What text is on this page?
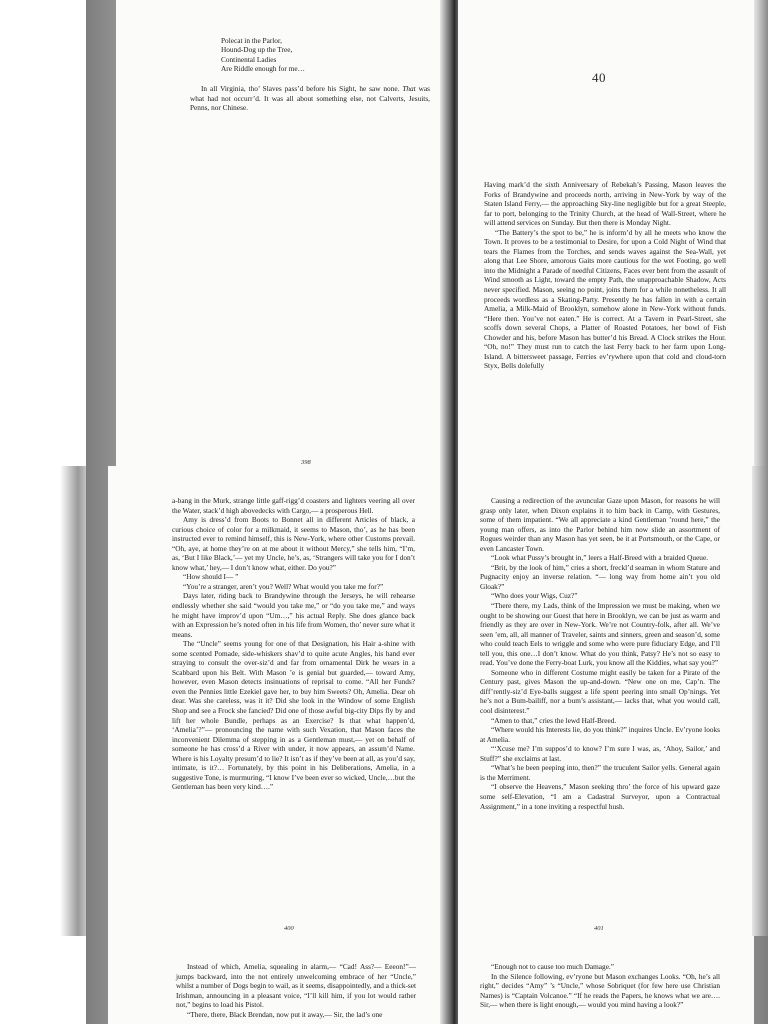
Polecat in the Parlor,
Hound-Dog up the Tree,
Continental Ladies
Are Riddle enough for me…

In all Virginia, tho’ Slaves pass’d before his Sight, he saw none. That was what had not occurr’d. It was all about something else, not Calverts, Jesuits, Penns, nor Chinese.

398
40

Having mark’d the sixth Anniversary of Rebekah’s Passing, Mason leaves the Forks of Brandywine and proceeds north, arriving in New-York by way of the Staten Island Ferry,— the approaching Sky-line negligible but for a great Steeple, far to port, belonging to the Trinity Church, at the head of Wall-Street, where he will attend services on Sunday. But then there is Monday Night.

“The Battery’s the spot to be,” he is inform’d by all he meets who know the Town. It proves to be a testimonial to Desire, for upon a Cold Night of Wind that tears the Flames from the Torches, and sends waves against the Sea-Wall, yet along that Lee Shore, amorous Gaits more cautious for the wet Footing, go well into the Midnight a Parade of needful Citizens, Faces ever bent from the assault of Wind smooth as Light, toward the empty Path, the unapproachable Shadow, Acts never specified. Mason, seeing no point, joins them for a while nonetheless. It all proceeds wordless as a Skating-Party. Presently he has fallen in with a certain Amelia, a Milk-Maid of Brooklyn, somehow alone in New-York without funds. “Here then. You’ve not eaten.” He is correct. At a Tavern in Pearl-Street, she scoffs down several Chops, a Platter of Roasted Potatoes, her bowl of Fish Chowder and his, before Mason has butter’d his Bread. A Clock strikes the Hour. “Oh, no!” They must run to catch the last Ferry back to her farm upon Long-Island. A bittersweet passage, Ferries ev’rywhere upon that cold and cloud-torn Styx, Bells dolefully

a-bang in the Murk, strange little gaff-rigg’d coasters and lighters veering all over the Water, stack’d high abovedecks with Cargo,— a prosperous Hell.

Amy is dress’d from Boots to Bonnet all in different Articles of black, a curious choice of color for a milkmaid, it seems to Mason, tho’, as he has been instructed ever to remind himself, this is New-York, where other Customs prevail. “Oh, aye, at home they’re on at me about it without Mercy,” she tells him, “I’m, as, ‘But I like Black,’— yet my Uncle, he’s, as, ‘Strangers will take you for I don’t know what,’ hey,— I don’t know what, either. Do you?”

“How should I— ”

“You’re a stranger, aren’t you? Well? What would you take me for?”

Days later, riding back to Brandywine through the Jerseys, he will rehearse endlessly whether she said “would you take me,” or “do you take me,” and ways he might have improv’d upon “Um…,” his actual Reply. She does glance back with an Expression he’s noted often in his life from Women, tho’ never sure what it means.

The “Uncle” seems young for one of that Designation, his Hair a-shine with some scented Pomade, side-whiskers shav’d to quite acute Angles, his hand ever straying to consult the over-siz’d and far from ornamental Dirk he wears in a Scabbard upon his Belt. With Mason ’e is genial but guarded,— toward Amy, however, even Mason detects insinuations of reprisal to come. “All her Funds? even the Pennies little Ezekiel gave her, to buy him Sweets? Oh, Amelia. Dear oh dear. Was she careless, was it it? Did she look in the Window of some English Shop and see a Frock she fancied? Did one of those awful big-city Dips fly by and lift her whole Bundle, perhaps as an Exercise? Is that what happen’d, ‘Amelia’?”— pronouncing the name with such Vexation, that Mason faces the inconvenient Dilemma of stepping in as a Gentleman must,— yet on behalf of someone he has cross’d a River with under, it now appears, an assum’d Name. Where is his Loyalty presum’d to lie? It isn’t as if they’ve been at all, as you’d say, intimate, is it?… Fortunately, by this point in his Deliberations, Amelia, in a suggestive Tone, is murmuring, “I know I’ve been ever so wicked, Uncle,…but the Gentleman has been very kind….”

400

Causing a redirection of the avuncular Gaze upon Mason, for reasons he will grasp only later, when Dixon explains it to him back in Camp, with Gestures, some of them impatient. “We all appreciate a kind Gentleman ’round here,” the young man offers, as into the Parlor behind him now slide an assortment of Rogues weirder than any Mason has yet seen, be it at Portsmouth, or the Cape, or even Lancaster Town.

“Look what Pussy’s brought in,” leers a Half-Breed with a braided Queue.

“Brit, by the look of him,” cries a short, freckl’d seaman in whom Stature and Pugnacity enjoy an inverse relation. “— long way from home ain’t you old Gloak?”

“Who does your Wigs, Cuz?”

“There there, my Lads, think of the Impression we must be making, when we ought to be showing our Guest that here in Brooklyn, we can be just as warm and friendly as they are over in New-York. We’re not Country-folk, after all. We’ve seen ’em, all, all manner of Traveler, saints and sinners, green and season’d, some who could teach Eels to wriggle and some who were pure fiduciary Edge, and I’ll tell you, this one…I don’t know. What do you think, Patsy? He’s not so easy to read. You’ve done the Ferry-boat Lurk, you know all the Kiddies, what say you?”

Someone who in different Costume might easily be taken for a Pirate of the Century past, gives Mason the up-and-down. “New one on me, Cap’n. The diff’rently-siz’d Eye-balls suggest a life spent peering into small Op’nings. Yet he’s not a Bum-bailiff, nor a bum’s assistant,— lacks that, what you would call, cool disinterest.”

“Amen to that,” cries the lewd Half-Breed.

“Where would his Interests lie, do you think?” inquires Uncle. Ev’ryone looks at Amelia.

“‘Xcuse me? I’m suppos’d to know? I’m sure I was, as, ‘Ahoy, Sailor,’ and Stuff?” she exclaims at last.

“What’s he been peeping into, then?” the truculent Sailor yells. General again is the Merriment.

“I observe the Heavens,” Mason seeking thro’ the force of his upward gaze some self-Elevation, “I am a Cadastral Surveyor, upon a Contractual Assignment,” in a tone inviting a respectful hush.

401

Instead of which, Amelia, squealing in alarm,— “Cad! Ass?— Eeeon!”— jumps backward, into the not entirely unwelcoming embrace of her “Uncle,” whilst a number of Dogs begin to wail, as it seems, disappointedly, and a thick-set Irishman, announcing in a pleasant voice, “I’ll kill him, if you lot would rather not,” begins to load his Pistol.

“There, there, Black Brendan, now put it away,— Sir, the lad’s one

“Enough not to cause too much Damage.”

In the Silence following, ev’ryone but Mason exchanges Looks. “Oh, he’s all right,” decides “Amy” ’s “Uncle,” whose Sobriquet (for few here use Christian Names) is “Captain Volcanoe.” “If he reads the Papers, he knows what we are…. Sir,— when there is light enough,— would you mind having a look?”
